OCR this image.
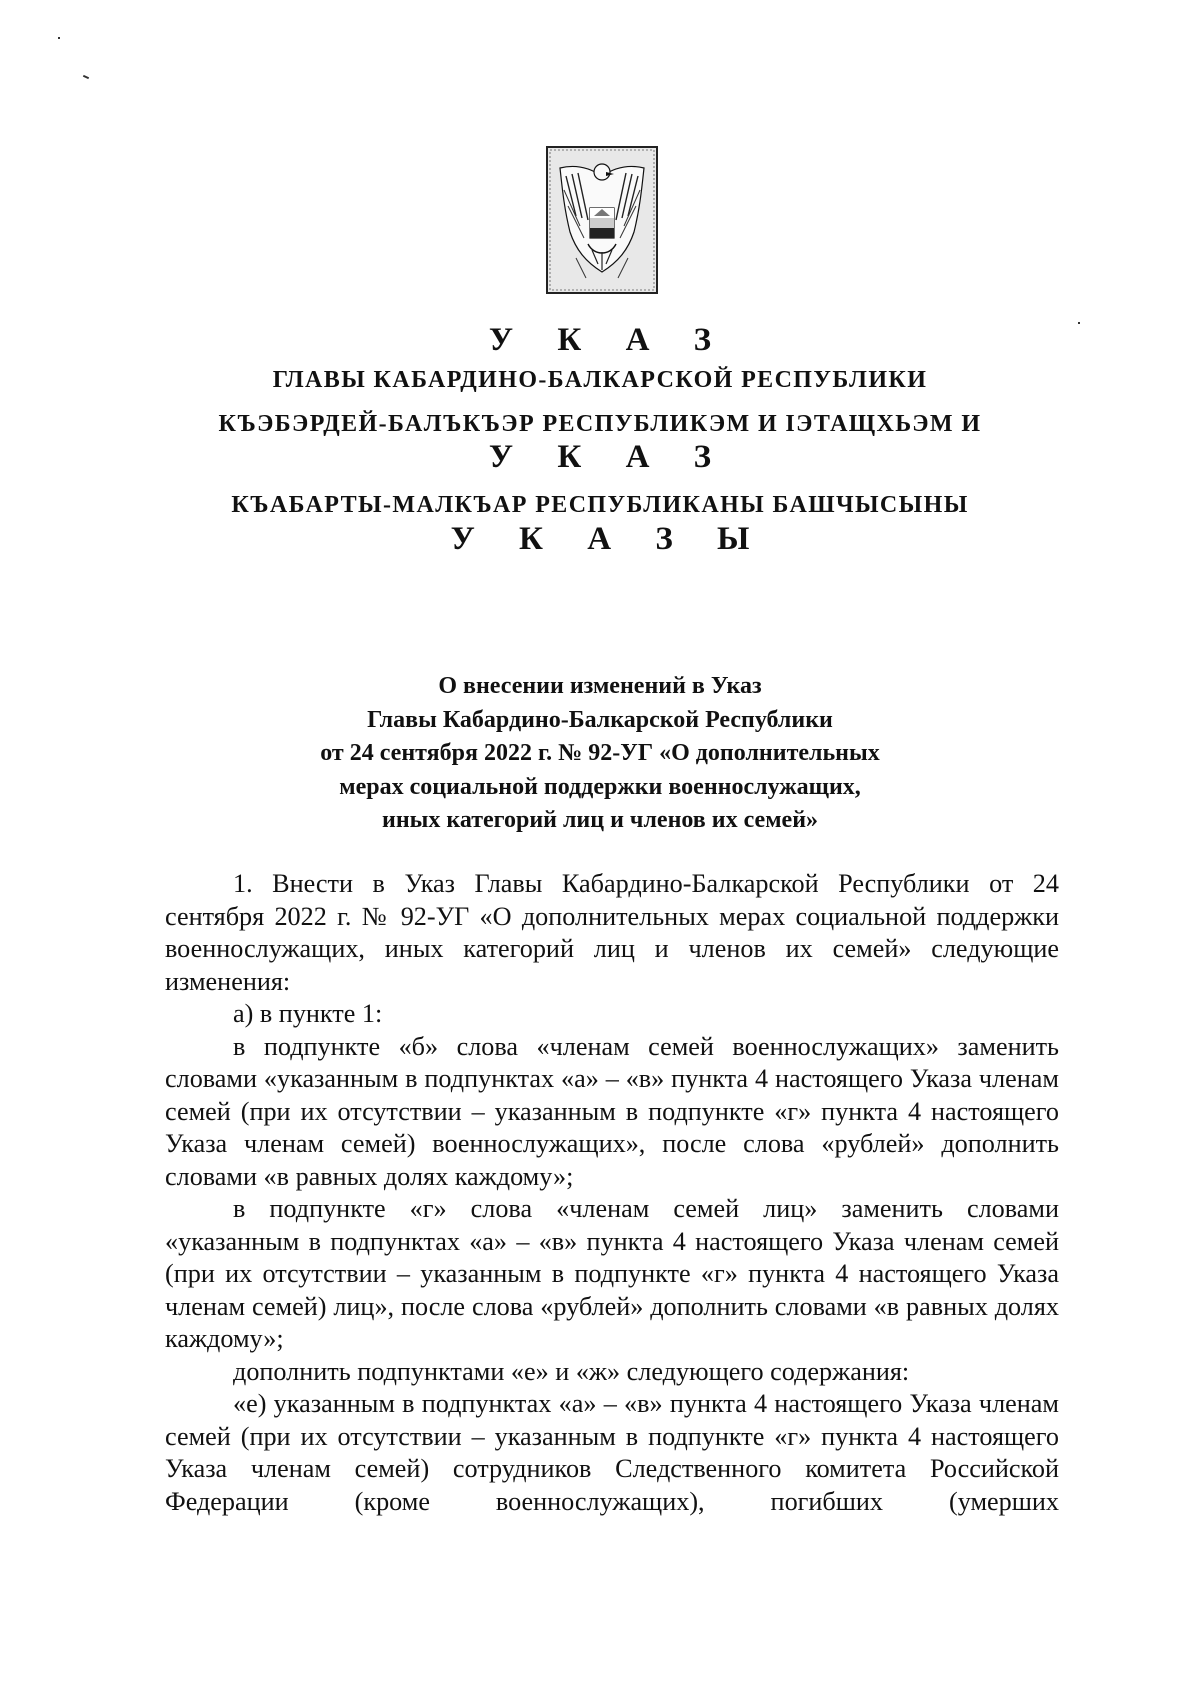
У К А З
ГЛАВЫ КАБАРДИНО-БАЛКАРСКОЙ РЕСПУБЛИКИ
КЪЭБЭРДЕЙ-БАЛЪКЪЭР РЕСПУБЛИКЭМ И IЭТАЩХЬЭМ И
У К А З
КЪАБАРТЫ-МАЛКЪАР РЕСПУБЛИКАНЫ БАШЧЫСЫНЫ
У К А З Ы
О внесении изменений в Указ
Главы Кабардино-Балкарской Республики
от 24 сентября 2022 г. № 92-УГ «О дополнительных
мерах социальной поддержки военнослужащих,
иных категорий лиц и членов их семей»

1. Внести в Указ Главы Кабардино-Балкарской Республики от 24 сентября 2022 г. № 92-УГ «О дополнительных мерах социальной поддержки военнослужащих, иных категорий лиц и членов их семей» следующие изменения:

а) в пункте 1:

в подпункте «б» слова «членам семей военнослужащих» заменить словами «указанным в подпунктах «а» – «в» пункта 4 настоящего Указа членам семей (при их отсутствии – указанным в подпункте «г» пункта 4 настоящего Указа членам семей) военнослужащих», после слова «рублей» дополнить словами «в равных долях каждому»;

в подпункте «г» слова «членам семей лиц» заменить словами «указанным в подпунктах «а» – «в» пункта 4 настоящего Указа членам семей (при их отсутствии – указанным в подпункте «г» пункта 4 настоящего Указа членам семей) лиц», после слова «рублей» дополнить словами «в равных долях каждому»;

дополнить подпунктами «е» и «ж» следующего содержания:

«е) указанным в подпунктах «а» – «в» пункта 4 настоящего Указа членам семей (при их отсутствии – указанным в подпункте «г» пункта 4 настоящего Указа членам семей) сотрудников Следственного комитета Российской Федерации (кроме военнослужащих), погибших (умерших
